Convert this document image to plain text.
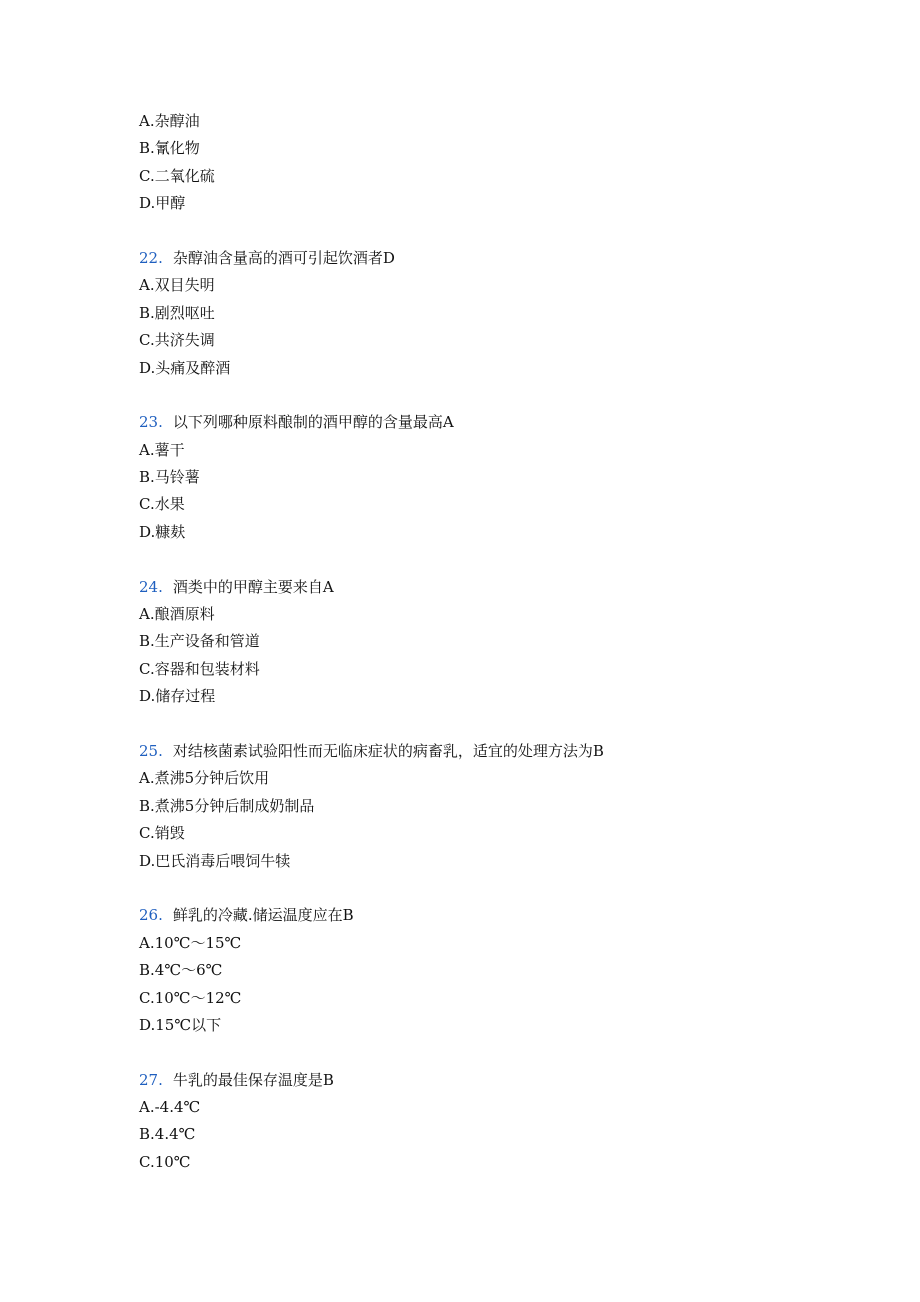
A.杂醇油
B.氰化物
C.二氧化硫
D.甲醇
22. 杂醇油含量高的酒可引起饮酒者D
A.双目失明
B.剧烈呕吐
C.共济失调
D.头痛及醉酒
23. 以下列哪种原料酿制的酒甲醇的含量最高A
A.薯干
B.马铃薯
C.水果
D.糠麸
24. 酒类中的甲醇主要来自A
A.酿酒原料
B.生产设备和管道
C.容器和包装材料
D.储存过程
25. 对结核菌素试验阳性而无临床症状的病畜乳，适宜的处理方法为B
A.煮沸5分钟后饮用
B.煮沸5分钟后制成奶制品
C.销毁
D.巴氏消毒后喂饲牛犊
26. 鲜乳的冷藏.储运温度应在B
A.10℃～15℃
B.4℃～6℃
C.10℃～12℃
D.15℃以下
27. 牛乳的最佳保存温度是B
A.-4.4℃
B.4.4℃
C.10℃
